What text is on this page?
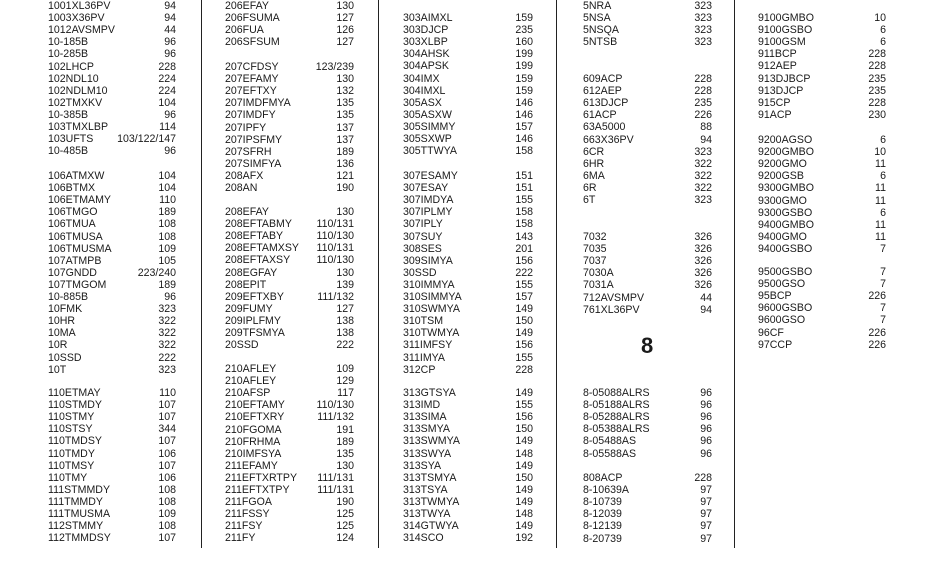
1001XL36PV	94
1003X36PV	94
1012AVSMPV	44
10-185B	96
10-285B	96
102LHCP	228
102NDL10	224
102NDLM10	224
102TMXKV	104
10-385B	96
103TMXLBP	114
103UFTS 103/122/147
10-485B	96
106ATMXW	104
106BTMX	104
106ETMAMY	110
106TMGO	189
106TMUA	108
106TMUSA	108
106TMUSMA	109
107ATMPB	105
107GNDD	223/240
107TMGOM	189
10-885B	96
10FMK	323
10HR	322
10MA	322
10R	322
10SSD	222
10T	323
110ETMAY	110
110STMDY	107
110STMY	107
110STSY	344
110TMDSY	107
110TMDY	106
110TMSY	107
110TMY	106
111STMMDY	108
111TMMDY	108
111TMUSMA	109
112STMMY	108
112TMMDSY	107
206EFAY	130
206FSUMA	127
206FUA	126
206SFSUM	127
207CFDSY	123/239
207EFAMY	130
207EFTXY	132
207IMDFMYA	135
207IMDFY	135
207IPFY	137
207IPSFMY	137
207SFRH	189
207SIMFYA	136
208AFX	121
208AN	190
208EFAY	130
208EFTABMY 110/131
208EFTABY	110/130
208EFTAMXSY 110/131
208EFTAXSY 110/130
208EGFAY	130
208EPIT	139
209EFTXBY	111/132
209FUMY	127
209IPLFMY	138
209TFSMYA	138
20SSD	222
210AFLEY	109
210AFLEY	129
210AFSP	117
210EFTAMY	110/130
210EFTXRY	111/132
210FGOMA	191
210FRHMA	189
210IMFSYA	135
211EFAMY	130
211EFTXRTPY 111/131
211EFTXTPY	111/131
211FGOA	190
211FSSY	125
211FSY	125
211FY	124
303AIMXL	159
303DJCP	235
303XLBP	160
304AHSK	199
304APSK	199
304IMX	159
304IMXL	159
305ASX	146
305ASXW	146
305SIMMY	157
305SXWP	146
305TTWYA	158
307ESAMY	151
307ESAY	151
307IMDYA	155
307IPLMY	158
307IPLY	158
307SUY	143
308SES	201
309SIMYA	156
30SSD	222
310IMMYA	155
310SIMMYA	157
310SWMYA	149
310TSM	150
310TWMYA	149
311IMFSY	156
311IMYA	155
312CP	228
313GTSYA	149
313IMD	155
313SIMA	156
313SMYA	150
313SWMYA	149
313SWYA	148
313SYA	149
313TSMYA	150
313TSYA	149
313TWMYA	149
313TWYA	148
314GTWYA	149
314SCO	192
5NRA	323
5NSA	323
5NSQA	323
5NTSB	323
609ACP	228
612AEP	228
613DJCP	235
61ACP	226
63A5000	88
663X36PV	94
6CR	323
6HR	322
6MA	322
6R	322
6T	323
7032	326
7035	326
7037	326
7030A	326
7031A	326
712AVSMPV	44
761XL36PV	94
8-05088ALRS	96
8-05188ALRS	96
8-05288ALRS	96
8-05388ALRS	96
8-05488AS	96
8-05588AS	96
808ACP	228
8-10639A	97
8-10739	97
8-12039	97
8-12139	97
8-20739	97
9100GMBO	10
9100GSBO	6
9100GSM	6
911BCP	228
912AEP	228
913DJBCP	235
913DJCP	235
915CP	228
91ACP	230
9200AGSO	6
9200GMBO	10
9200GMO	11
9200GSB	6
9300GMBO	11
9300GMO	11
9300GSBO	6
9400GMBO	11
9400GMO	11
9400GSBO	7
9500GSBO	7
9500GSO	7
95BCP	226
9600GSBO	7
9600GSO	7
96CF	226
97CCP	226
8
